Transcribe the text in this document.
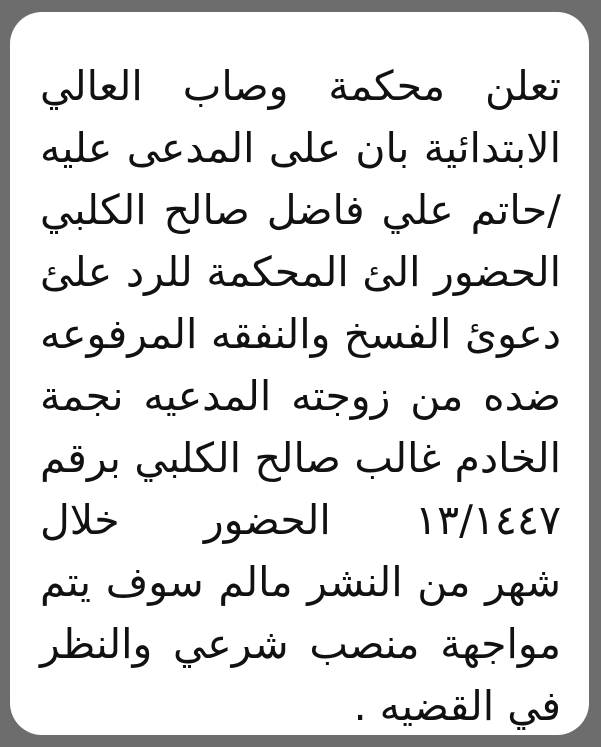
تعلن محكمة وصاب العالي
الابتدائية بان على المدعى عليه
/حاتم علي فاضل صالح الكلبي
الحضور الئ المحكمة للرد علئ
دعوئ الفسخ والنفقه المرفوعه
ضده من زوجته المدعيه نجمة
الخادم غالب صالح الكلبي برقم
١٣/١٤٤٧ الحضور خلال
شهر من النشر مالم سوف يتم
مواجهة منصب شرعي والنظر
في القضيه .
